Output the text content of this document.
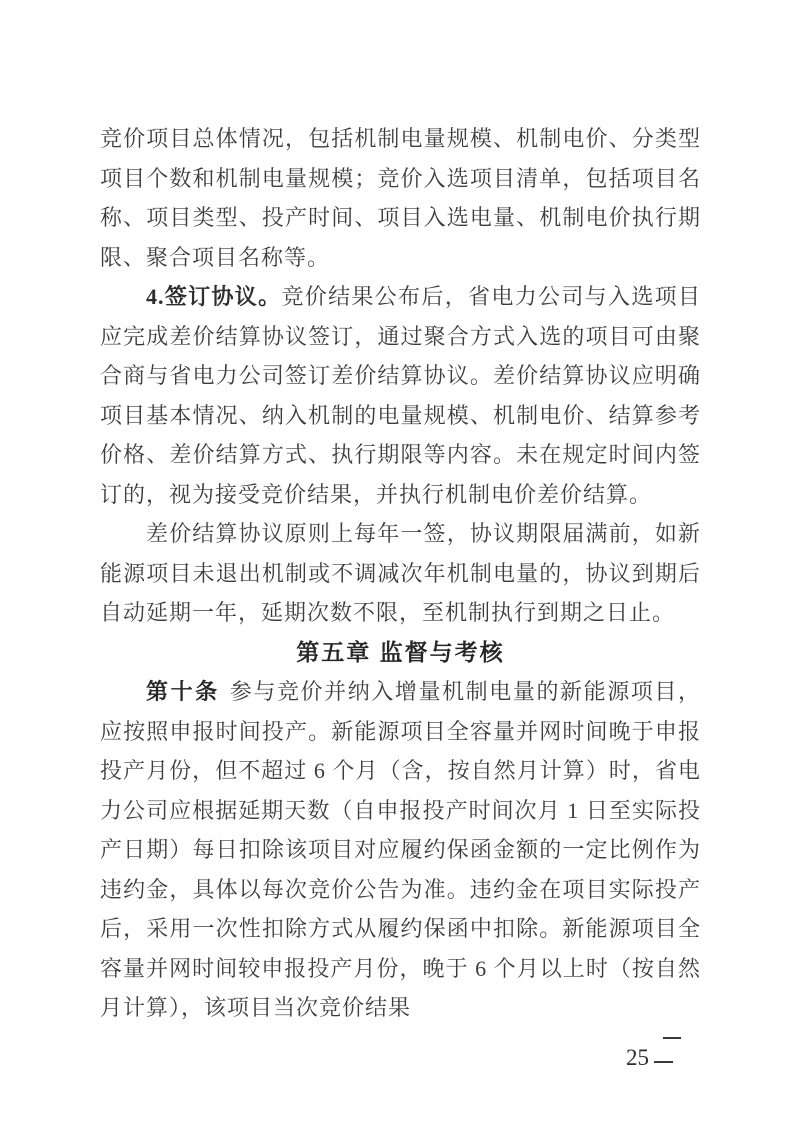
竞价项目总体情况，包括机制电量规模、机制电价、分类型项目个数和机制电量规模；竞价入选项目清单，包括项目名称、项目类型、投产时间、项目入选电量、机制电价执行期限、聚合项目名称等。

4.签订协议。竞价结果公布后，省电力公司与入选项目应完成差价结算协议签订，通过聚合方式入选的项目可由聚合商与省电力公司签订差价结算协议。差价结算协议应明确项目基本情况、纳入机制的电量规模、机制电价、结算参考价格、差价结算方式、执行期限等内容。未在规定时间内签订的，视为接受竞价结果，并执行机制电价差价结算。

差价结算协议原则上每年一签，协议期限届满前，如新能源项目未退出机制或不调减次年机制电量的，协议到期后自动延期一年，延期次数不限，至机制执行到期之日止。

第五章 监督与考核

第十条 参与竞价并纳入增量机制电量的新能源项目，应按照申报时间投产。新能源项目全容量并网时间晚于申报投产月份，但不超过 6 个月（含，按自然月计算）时，省电力公司应根据延期天数（自申报投产时间次月 1 日至实际投产日期）每日扣除该项目对应履约保函金额的一定比例作为违约金，具体以每次竞价公告为准。违约金在项目实际投产后，采用一次性扣除方式从履约保函中扣除。新能源项目全容量并网时间较申报投产月份，晚于 6 个月以上时（按自然月计算），该项目当次竞价结果

25
